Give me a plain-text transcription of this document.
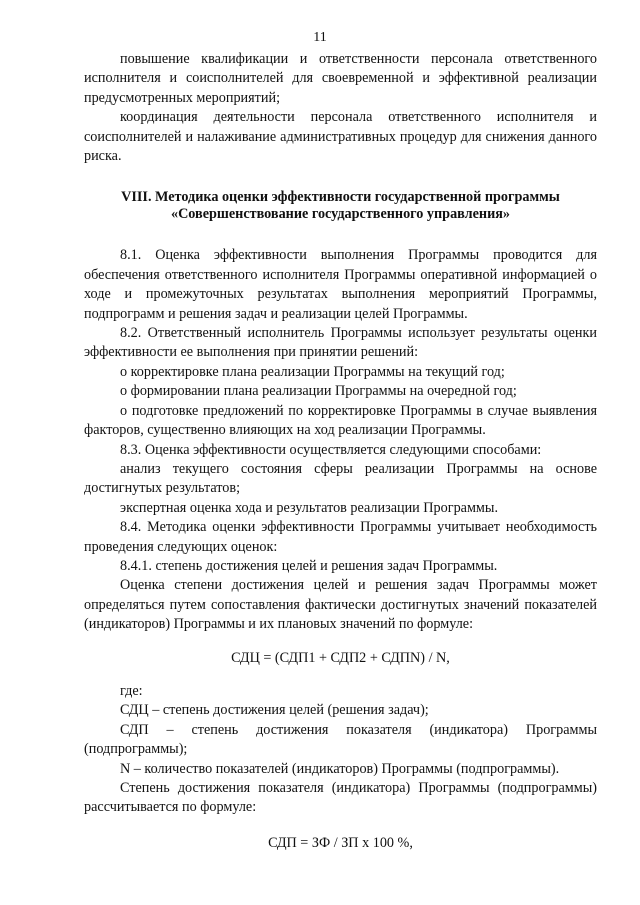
11

повышение квалификации и ответственности персонала ответственного исполнителя и соисполнителей для своевременной и эффективной реализации предусмотренных мероприятий;

координация деятельности персонала ответственного исполнителя и соисполнителей и налаживание административных процедур для снижения данного риска.

VIII. Методика оценки эффективности государственной программы
«Совершенствование государственного управления»

8.1. Оценка эффективности выполнения Программы проводится для обеспечения ответственного исполнителя Программы оперативной информацией о ходе и промежуточных результатах выполнения мероприятий Программы, подпрограмм и решения задач и реализации целей Программы.

8.2. Ответственный исполнитель Программы использует результаты оценки эффективности ее выполнения при принятии решений:

о корректировке плана реализации Программы на текущий год;

о формировании плана реализации Программы на очередной год;

о подготовке предложений по корректировке Программы в случае выявления факторов, существенно влияющих на ход реализации Программы.

8.3. Оценка эффективности осуществляется следующими способами:

анализ текущего состояния сферы реализации Программы на основе достигнутых результатов;

экспертная оценка хода и результатов реализации Программы.

8.4. Методика оценки эффективности Программы учитывает необходимость проведения следующих оценок:

8.4.1. степень достижения целей и решения задач Программы.

Оценка степени достижения целей и решения задач Программы может определяться путем сопоставления фактически достигнутых значений показателей (индикаторов) Программы и их плановых значений по формуле:

СДЦ = (СДП1 + СДП2 + СДПN) / N,

где:

СДЦ – степень достижения целей (решения задач);

СДП – степень достижения показателя (индикатора) Программы (подпрограммы);

N – количество показателей (индикаторов) Программы (подпрограммы).

Степень достижения показателя (индикатора) Программы (подпрограммы) рассчитывается по формуле:

СДП = ЗФ / ЗП х 100 %,
